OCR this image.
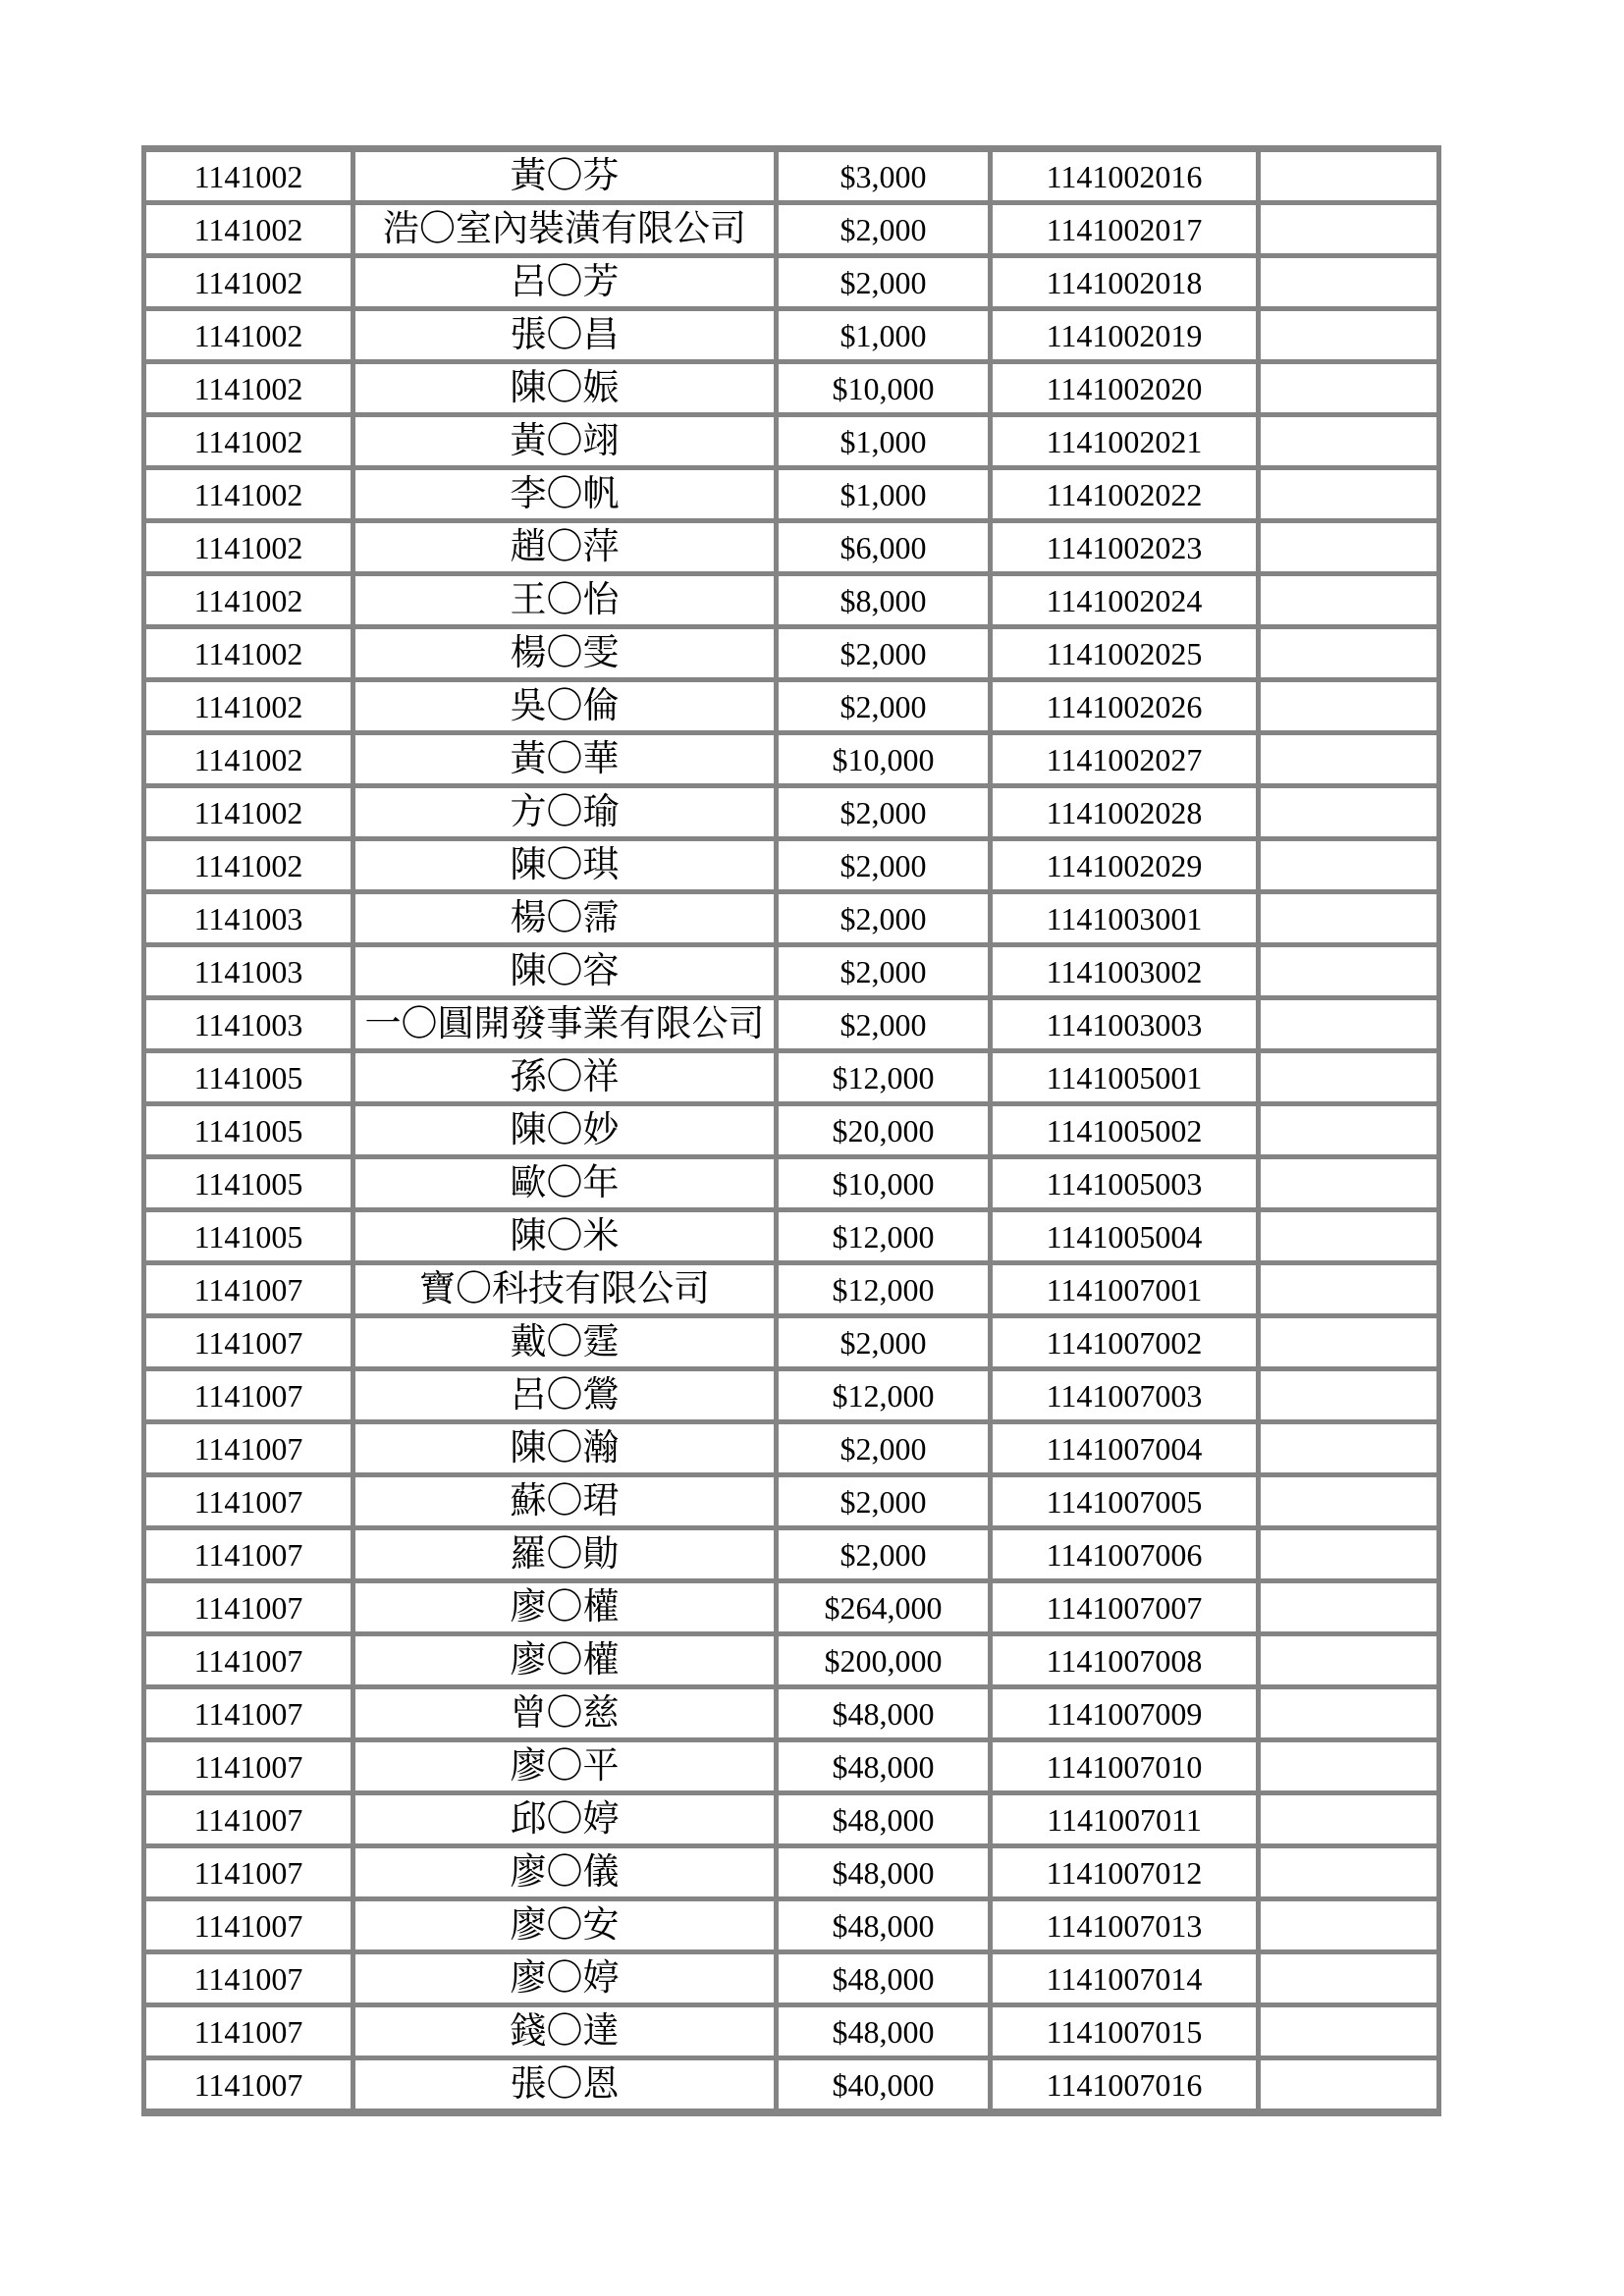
1141002	黃〇芬	$3,000	1141002016	
1141002	浩〇室內裝潢有限公司	$2,000	1141002017	
1141002	呂〇芳	$2,000	1141002018	
1141002	張〇昌	$1,000	1141002019	
1141002	陳〇娠	$10,000	1141002020	
1141002	黃〇翊	$1,000	1141002021	
1141002	李〇帆	$1,000	1141002022	
1141002	趙〇萍	$6,000	1141002023	
1141002	王〇怡	$8,000	1141002024	
1141002	楊〇雯	$2,000	1141002025	
1141002	吳〇倫	$2,000	1141002026	
1141002	黃〇華	$10,000	1141002027	
1141002	方〇瑜	$2,000	1141002028	
1141002	陳〇琪	$2,000	1141002029	
1141003	楊〇霈	$2,000	1141003001	
1141003	陳〇容	$2,000	1141003002	
1141003	一〇圓開發事業有限公司	$2,000	1141003003	
1141005	孫〇祥	$12,000	1141005001	
1141005	陳〇妙	$20,000	1141005002	
1141005	歐〇年	$10,000	1141005003	
1141005	陳〇米	$12,000	1141005004	
1141007	寶〇科技有限公司	$12,000	1141007001	
1141007	戴〇霆	$2,000	1141007002	
1141007	呂〇鶯	$12,000	1141007003	
1141007	陳〇瀚	$2,000	1141007004	
1141007	蘇〇珺	$2,000	1141007005	
1141007	羅〇勛	$2,000	1141007006	
1141007	廖〇權	$264,000	1141007007	
1141007	廖〇權	$200,000	1141007008	
1141007	曾〇慈	$48,000	1141007009	
1141007	廖〇平	$48,000	1141007010	
1141007	邱〇婷	$48,000	1141007011	
1141007	廖〇儀	$48,000	1141007012	
1141007	廖〇安	$48,000	1141007013	
1141007	廖〇婷	$48,000	1141007014	
1141007	錢〇達	$48,000	1141007015	
1141007	張〇恩	$40,000	1141007016	
